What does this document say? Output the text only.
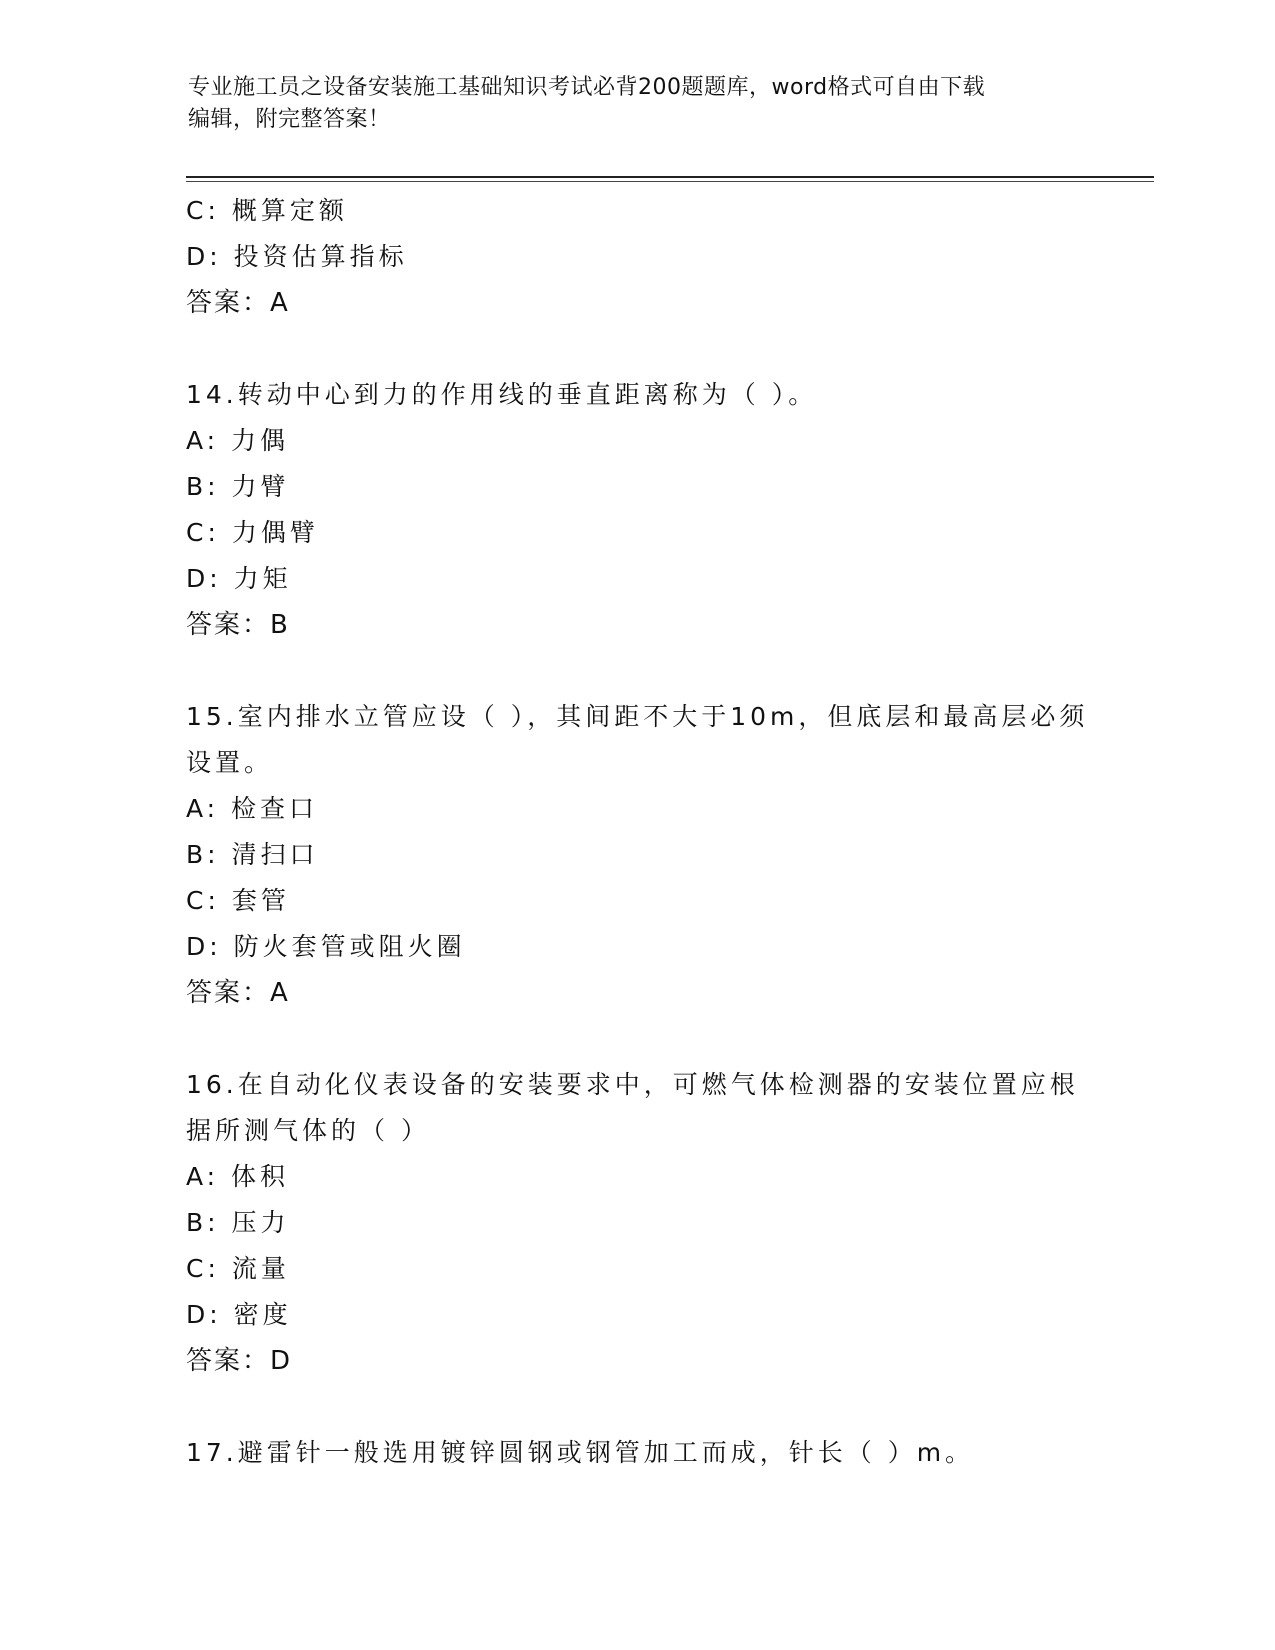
专业施工员之设备安装施工基础知识考试必背200题题库，word格式可自由下载
编辑，附完整答案！
C: 概算定额
D: 投资估算指标
答案：A
14.转动中心到力的作用线的垂直距离称为（ ）。
A: 力偶
B: 力臂
C: 力偶臂
D: 力矩
答案：B
15.室内排水立管应设（ ），其间距不大于10m，但底层和最高层必须
设置。
A: 检查口
B: 清扫口
C: 套管
D: 防火套管或阻火圈
答案：A
16.在自动化仪表设备的安装要求中，可燃气体检测器的安装位置应根
据所测气体的（ ）
A: 体积
B: 压力
C: 流量
D: 密度
答案：D
17.避雷针一般选用镀锌圆钢或钢管加工而成，针长（ ）m。
